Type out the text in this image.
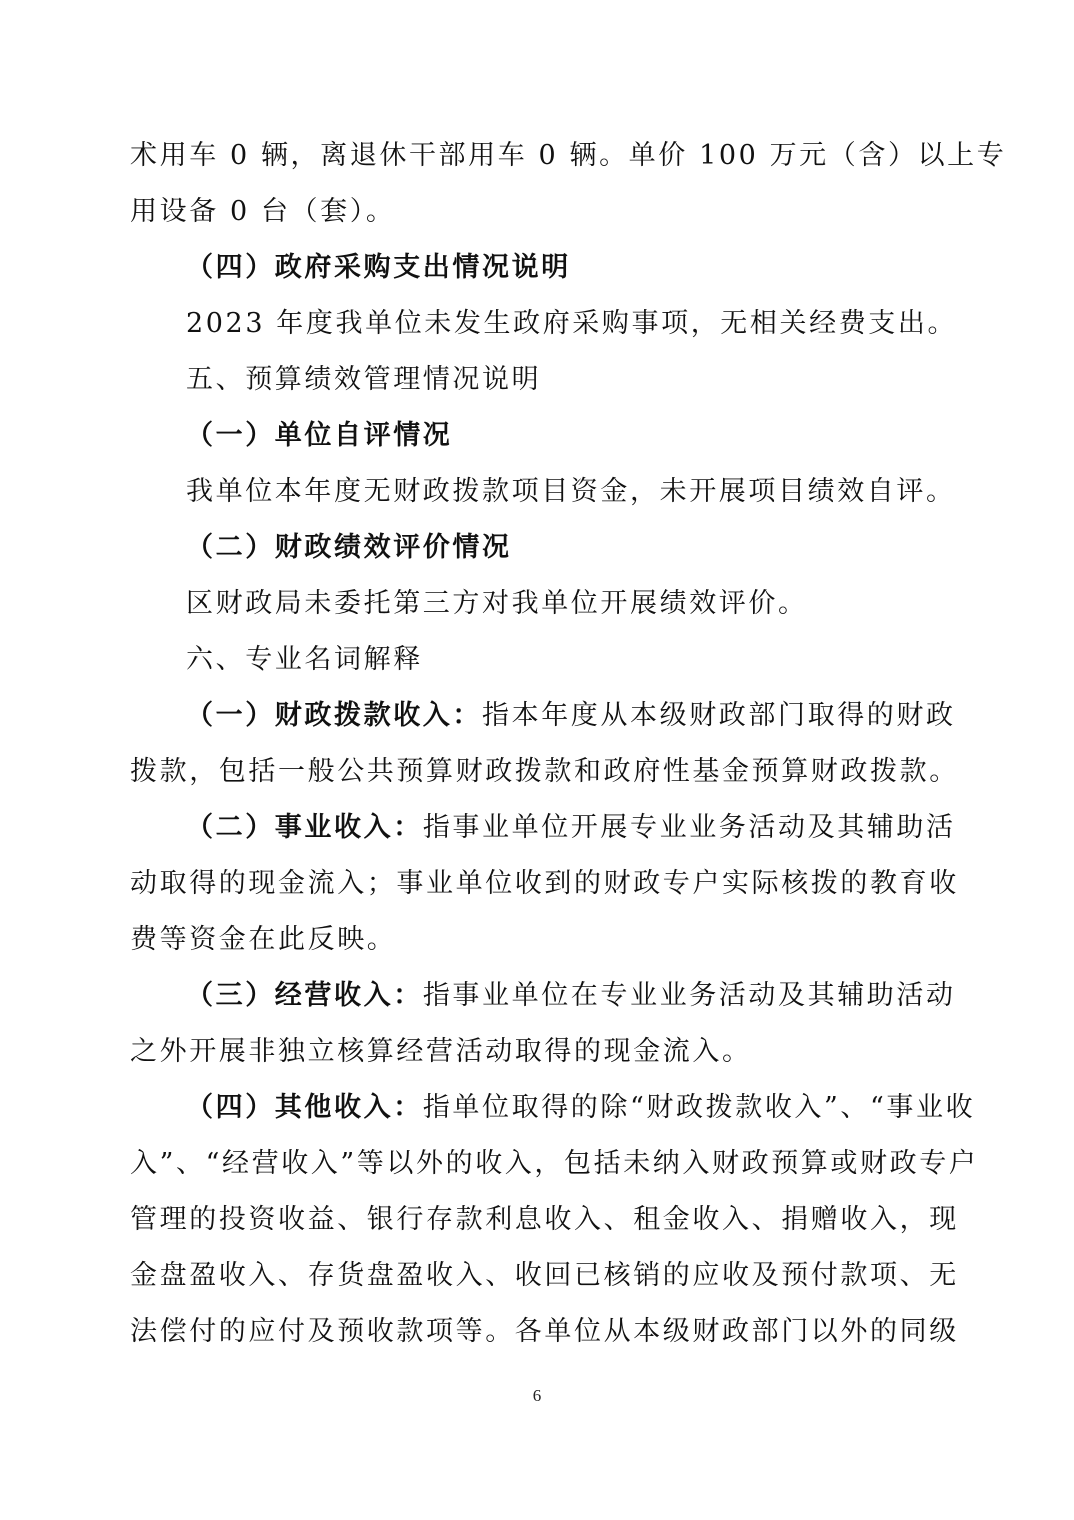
术用车 0 辆，离退休干部用车 0 辆。单价 100 万元（含）以上专
用设备 0 台（套）。
（四）政府采购支出情况说明
2023 年度我单位未发生政府采购事项，无相关经费支出。
五、预算绩效管理情况说明
（一）单位自评情况
我单位本年度无财政拨款项目资金，未开展项目绩效自评。
（二）财政绩效评价情况
区财政局未委托第三方对我单位开展绩效评价。
六、专业名词解释
（一）财政拨款收入：指本年度从本级财政部门取得的财政
拨款，包括一般公共预算财政拨款和政府性基金预算财政拨款。
（二）事业收入：指事业单位开展专业业务活动及其辅助活
动取得的现金流入；事业单位收到的财政专户实际核拨的教育收
费等资金在此反映。
（三）经营收入：指事业单位在专业业务活动及其辅助活动
之外开展非独立核算经营活动取得的现金流入。
（四）其他收入：指单位取得的除“财政拨款收入”、“事业收
入”、“经营收入”等以外的收入，包括未纳入财政预算或财政专户
管理的投资收益、银行存款利息收入、租金收入、捐赠收入，现
金盘盈收入、存货盘盈收入、收回已核销的应收及预付款项、无
法偿付的应付及预收款项等。各单位从本级财政部门以外的同级
6
